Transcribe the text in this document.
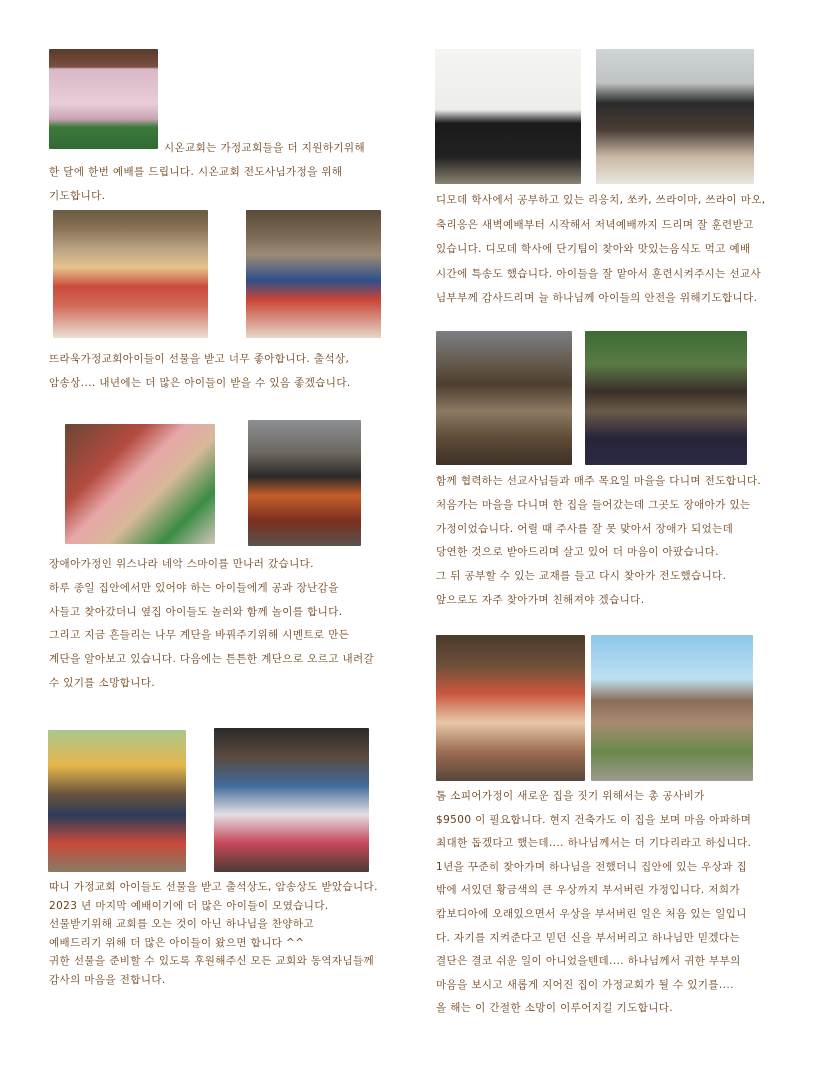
시온교회는 가정교회들을 더 지원하기위해
한 달에 한번 예배를 드립니다. 시온교회 전도사님가정을 위해
기도합니다.
뜨라욱가정교회아이들이 선물을 받고 너무 좋아합니다. 출석상,
암송상.... 내년에는 더 많은 아이들이 받을 수 있음 좋겠습니다.
장애아가정인 위스나라 네악 스마이를 만나러 갔습니다.
하루 종일 집안에서만 있어야 하는 아이들에게 공과 장난감을
사들고 찾아갔더니 옆집 아이들도 놀러와 함께 놀이를 합니다.
그리고 지금 흔들리는 나무 계단을 바꿔주기위해 시멘트로 만든
계단을 알아보고 있습니다. 다음에는 튼튼한 계단으로 오르고 내려갈
수 있기를 소망합니다.
따니 가정교회 아이들도 선물을 받고 출석상도, 암송상도 받았습니다.
2023 년 마지막 예배이기에 더 많은 아이들이 모였습니다.
선물받기위해 교회를 오는 것이 아닌 하나님을 찬양하고
예배드리기 위해 더 많은 아이들이 왔으면 합니다 ^^
귀한 선물을 준비할 수 있도록 후원해주신 모든 교회와 동역자님들께
감사의 마음을 전합니다.
디모데 학사에서 공부하고 있는 리응치, 쏘카, 쓰라이마, 쓰라이 마오,
축리응은 새벽예배부터 시작해서 저녁예배까지 드리며 잘 훈련받고
있습니다. 디모데 학사에 단기팀이 찾아와 맛있는음식도 먹고 예배
시간에 특송도 했습니다. 아이들을 잘 맡아서 훈련시켜주시는 선교사
님부부께 감사드리며 늘 하나님께 아이들의 안전을 위해기도합니다.
함께 협력하는 선교사님들과 매주 목요일 마을을 다니며 전도합니다.
처음가는 마을을 다니며 한 집을 들어갔는데 그곳도 장애아가 있는
가정이었습니다. 어릴 때 주사를 잘 못 맞아서 장애가 되었는데
당연한 것으로 받아드리며 살고 있어 더 마음이 아팠습니다.
그 뒤 공부할 수 있는 교재를 들고 다시 찾아가 전도했습니다.
앞으로도 자주 찾아가며 친해져야 겠습니다.
톰 소피어가정이 새로운 집을 짓기 위해서는 총 공사비가
$9500 이 필요합니다. 현지 건축가도 이 집을 보며 마음 아파하며
최대한 돕겠다고 했는데.... 하나님께서는 더 기다리라고 하십니다.
1년을 꾸준히 찾아가며 하나님을 전했더니 집안에 있는 우상과 집
밖에 서있던 황금색의 큰 우상까지 부서버린 가정입니다. 저희가
캄보디아에 오래있으면서 우상을 부서버린 일은 처음 있는 일입니
다. 자기를 지켜준다고 믿던 신을 부서버리고 하나님만 믿겠다는
결단은 결코 쉬운 일이 아니었을텐데.... 하나님께서 귀한 부부의
마음을 보시고 새롭게 지어진 집이 가정교회가 될 수 있기를....
올 해는 이 간절한 소망이 이루어지길 기도합니다.
